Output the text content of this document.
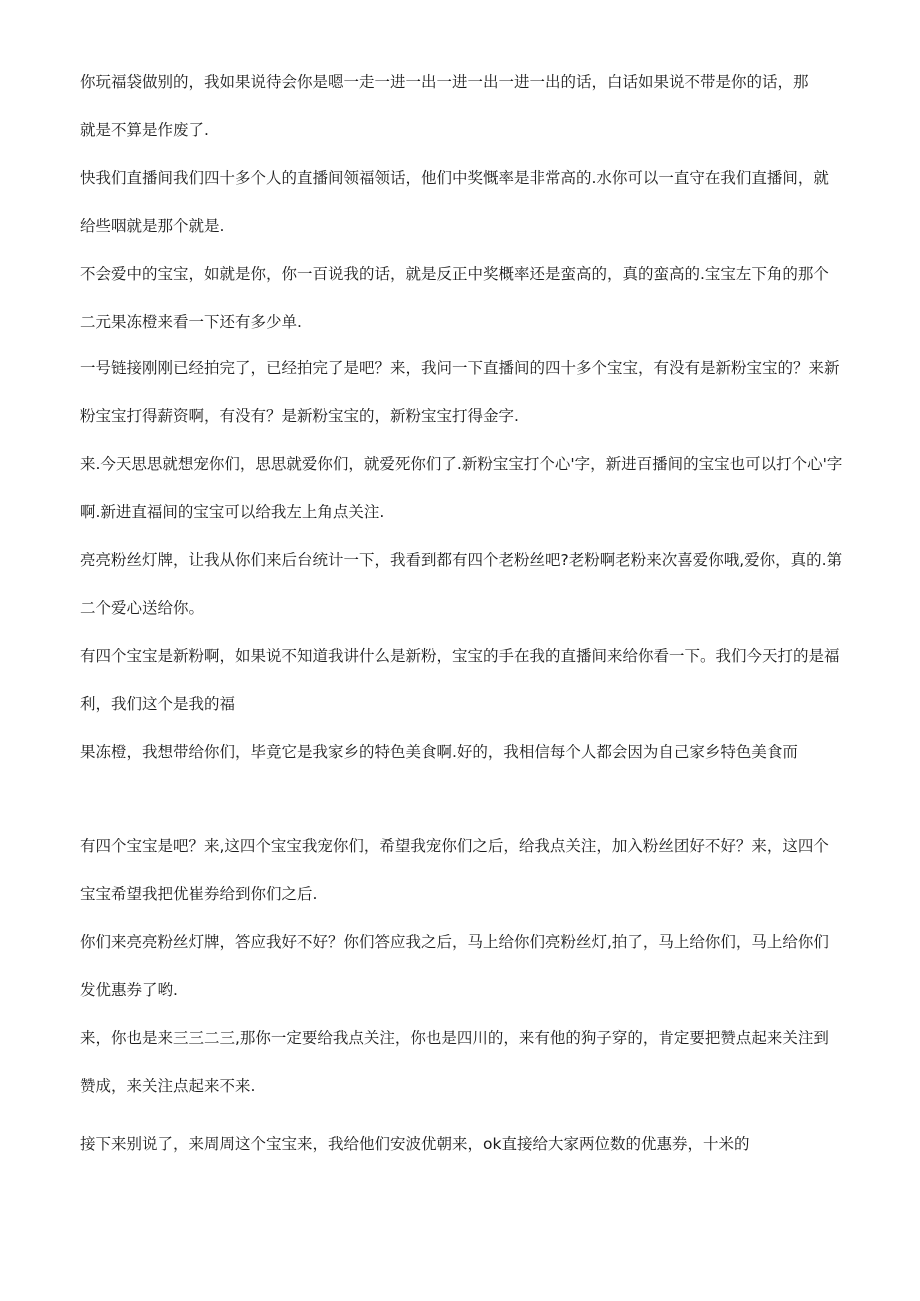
你玩福袋做别的，我如果说待会你是嗯一走一进一出一进一出一进一出的话，白话如果说不带是你的话，那
就是不算是作废了.
快我们直播间我们四十多个人的直播间领福领话，他们中奖慨率是非常高的.水你可以一直守在我们直播间，就
给些咽就是那个就是.
不会爱中的宝宝，如就是你，你一百说我的话，就是反正中奖概率还是蛮高的，真的蛮高的.宝宝左下角的那个
二元果冻橙来看一下还有多少单.
一号链接刚刚已经拍完了，已经拍完了是吧？来，我问一下直播间的四十多个宝宝，有没有是新粉宝宝的？来新
粉宝宝打得薪资啊，有没有？是新粉宝宝的，新粉宝宝打得金字.
来.今天思思就想宠你们，思思就爱你们，就爱死你们了.新粉宝宝打个心'字，新进百播间的宝宝也可以打个心'字
啊.新进直福间的宝宝可以给我左上角点关注.
亮亮粉丝灯牌，让我从你们来后台统计一下，我看到都有四个老粉丝吧?老粉啊老粉来次喜爱你哦,爱你，真的.第
二个爱心送给你。
有四个宝宝是新粉啊，如果说不知道我讲什么是新粉，宝宝的手在我的直播间来给你看一下。我们今天打的是福
利，我们这个是我的福
果冻橙，我想带给你们，毕竟它是我家乡的特色美食啊.好的，我相信每个人都会因为自己家乡特色美食而
有四个宝宝是吧？来,这四个宝宝我宠你们，希望我宠你们之后，给我点关注，加入粉丝团好不好？来，这四个
宝宝希望我把优崔券给到你们之后.
你们来亮亮粉丝灯牌，答应我好不好？你们答应我之后，马上给你们亮粉丝灯,拍了，马上给你们，马上给你们
发优惠券了哟.
来，你也是来三三二三,那你一定要给我点关注，你也是四川的，来有他的狗子穿的，肯定要把赞点起来关注到
赞成，来关注点起来不来.
接下来别说了，来周周这个宝宝来，我给他们安波优朝来，ok直接给大家两位数的优惠券，十米的
